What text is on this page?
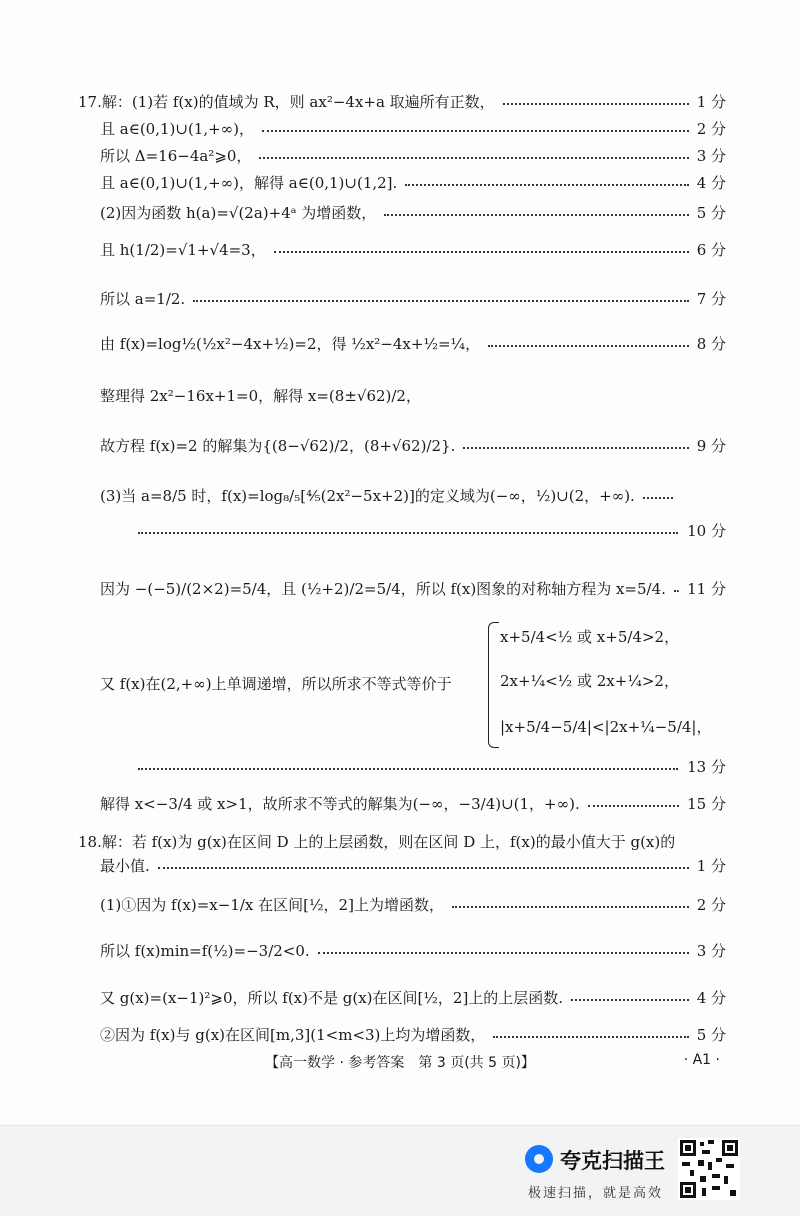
17.解：(1)若 f(x)的值域为 R，则 ax²−4x+a 取遍所有正数，	1 分
且 a∈(0,1)∪(1,+∞)，	2 分
所以 Δ=16−4a²⩾0，	3 分
且 a∈(0,1)∪(1,+∞)，解得 a∈(0,1)∪(1,2].	4 分
(2)因为函数 h(a)=√(2a)+4ᵃ 为增函数，	5 分
且 h(1/2)=√1+√4=3，	6 分
所以 a=1/2.	7 分
由 f(x)=log½(½x²−4x+½)=2，得 ½x²−4x+½=¼，	8 分
整理得 2x²−16x+1=0，解得 x=(8±√62)/2，
故方程 f(x)=2 的解集为{(8−√62)/2，(8+√62)/2}.	9 分
(3)当 a=8/5 时，f(x)=log₈/₅[⅘(2x²−5x+2)]的定义域为(−∞，½)∪(2，+∞).
10 分
因为 −(−5)/(2×2)=5/4，且 (½+2)/2=5/4，所以 f(x)图象的对称轴方程为 x=5/4. 11 分
又 f(x)在(2,+∞)上单调递增，所以所求不等式等价于
x+5/4<½ 或 x+5/4>2，
2x+¼<½ 或 2x+¼>2，
|x+5/4−5/4|<|2x+¼−5/4|，
13 分
解得 x<−3/4 或 x>1，故所求不等式的解集为(−∞，−3/4)∪(1，+∞).	15 分
18.解：若 f(x)为 g(x)在区间 D 上的上层函数，则在区间 D 上，f(x)的最小值大于 g(x)的
最小值.	1 分
(1)①因为 f(x)=x−1/x 在区间[½，2]上为增函数，	2 分
所以 f(x)min=f(½)=−3/2<0.	3 分
又 g(x)=(x−1)²⩾0，所以 f(x)不是 g(x)在区间[½，2]上的上层函数.	4 分
②因为 f(x)与 g(x)在区间[m,3](1<m<3)上均为增函数，	5 分
【高一数学 · 参考答案　第 3 页(共 5 页)】	· A1 ·
夸克扫描王
极速扫描，就是高效
